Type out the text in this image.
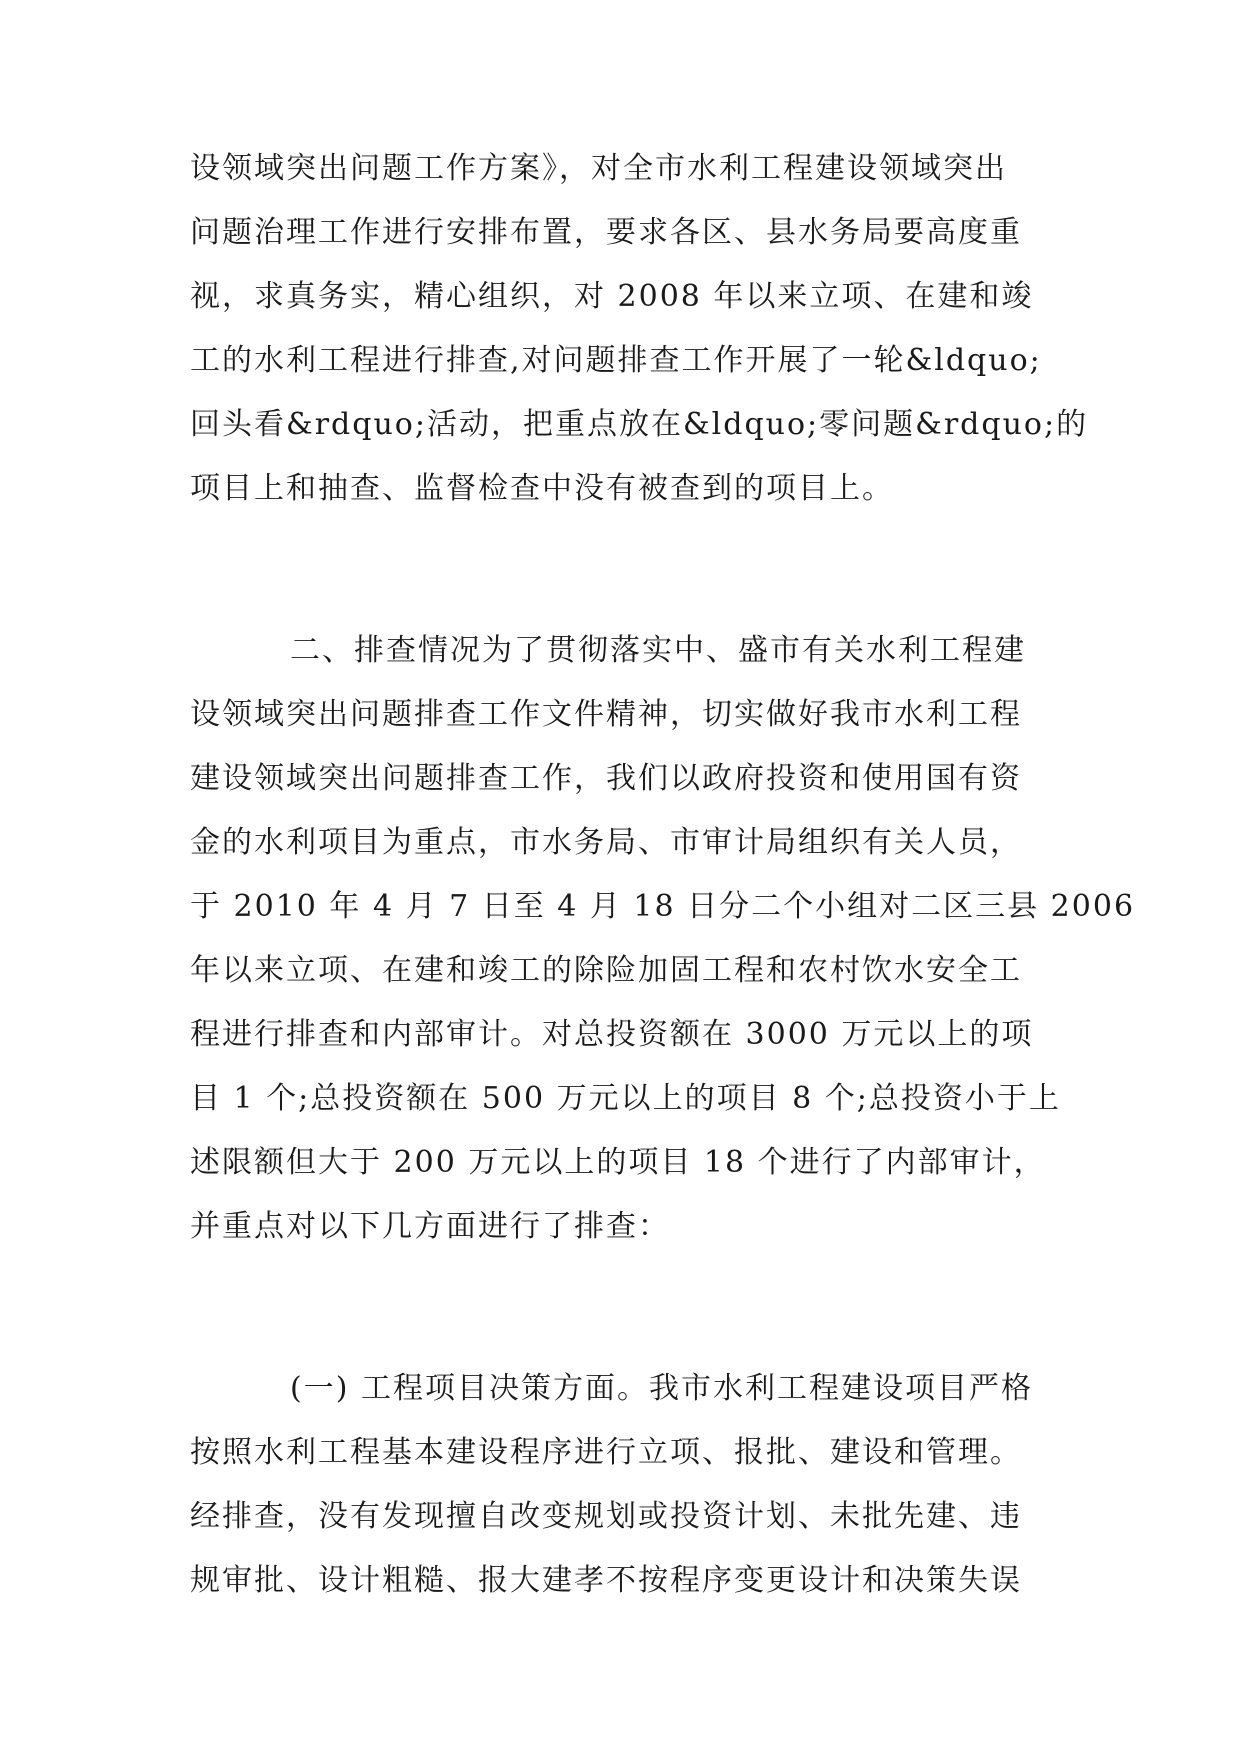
设领域突出问题工作方案》，对全市水利工程建设领域突出
问题治理工作进行安排布置，要求各区、县水务局要高度重
视，求真务实，精心组织，对 2008 年以来立项、在建和竣
工的水利工程进行排查,对问题排查工作开展了一轮&ldquo;
回头看&rdquo;活动，把重点放在&ldquo;零问题&rdquo;的
项目上和抽查、监督检查中没有被查到的项目上。
二、排查情况为了贯彻落实中、盛市有关水利工程建
设领域突出问题排查工作文件精神，切实做好我市水利工程
建设领域突出问题排查工作，我们以政府投资和使用国有资
金的水利项目为重点，市水务局、市审计局组织有关人员，
于 2010 年 4 月 7 日至 4 月 18 日分二个小组对二区三县 2006
年以来立项、在建和竣工的除险加固工程和农村饮水安全工
程进行排查和内部审计。对总投资额在 3000 万元以上的项
目 1 个;总投资额在 500 万元以上的项目 8 个;总投资小于上
述限额但大于 200 万元以上的项目 18 个进行了内部审计，
并重点对以下几方面进行了排查：
(一) 工程项目决策方面。我市水利工程建设项目严格
按照水利工程基本建设程序进行立项、报批、建设和管理。
经排查，没有发现擅自改变规划或投资计划、未批先建、违
规审批、设计粗糙、报大建孝不按程序变更设计和决策失误
